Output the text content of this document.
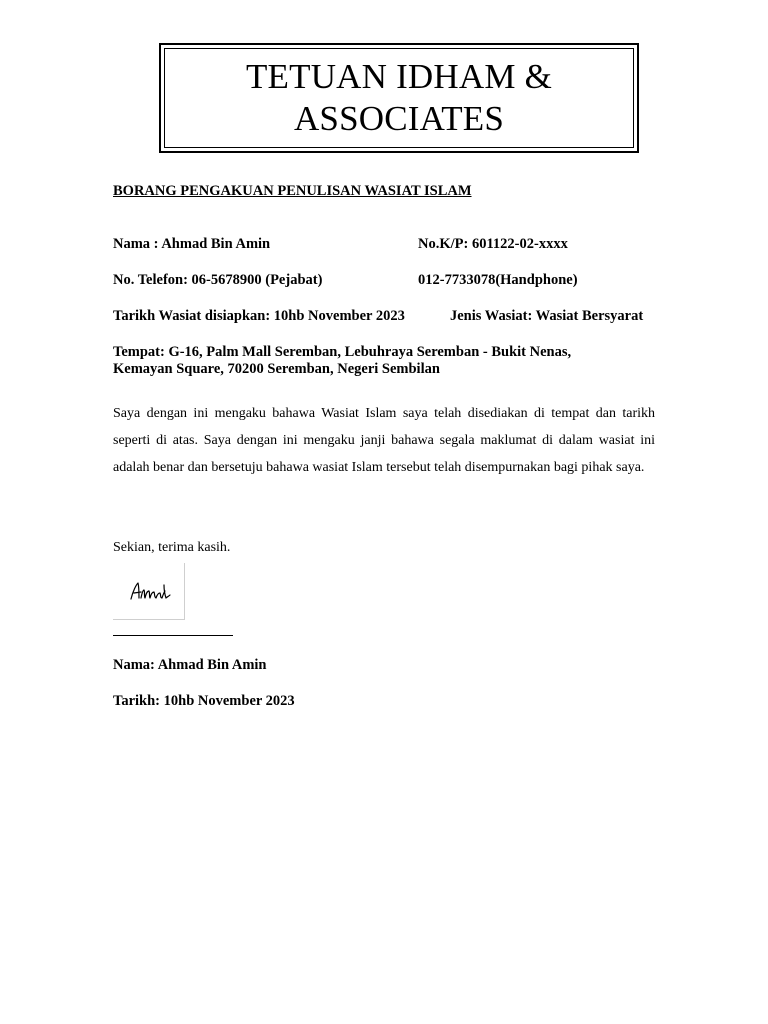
TETUAN IDHAM & ASSOCIATES
BORANG PENGAKUAN PENULISAN WASIAT ISLAM
Nama : Ahmad Bin Amin	No.K/P: 601122-02-xxxx
No. Telefon: 06-5678900 (Pejabat)	012-7733078(Handphone)
Tarikh Wasiat disiapkan: 10hb November 2023	Jenis Wasiat: Wasiat Bersyarat
Tempat: G-16, Palm Mall Seremban, Lebuhraya Seremban - Bukit Nenas,
Kemayan Square, 70200 Seremban, Negeri Sembilan
Saya dengan ini mengaku bahawa Wasiat Islam saya telah disediakan di tempat dan tarikh seperti di atas. Saya dengan ini mengaku janji bahawa segala maklumat di dalam wasiat ini adalah benar dan bersetuju bahawa wasiat Islam tersebut telah disempurnakan bagi pihak saya.
Sekian, terima kasih.
Nama: Ahmad Bin Amin
Tarikh: 10hb November 2023
